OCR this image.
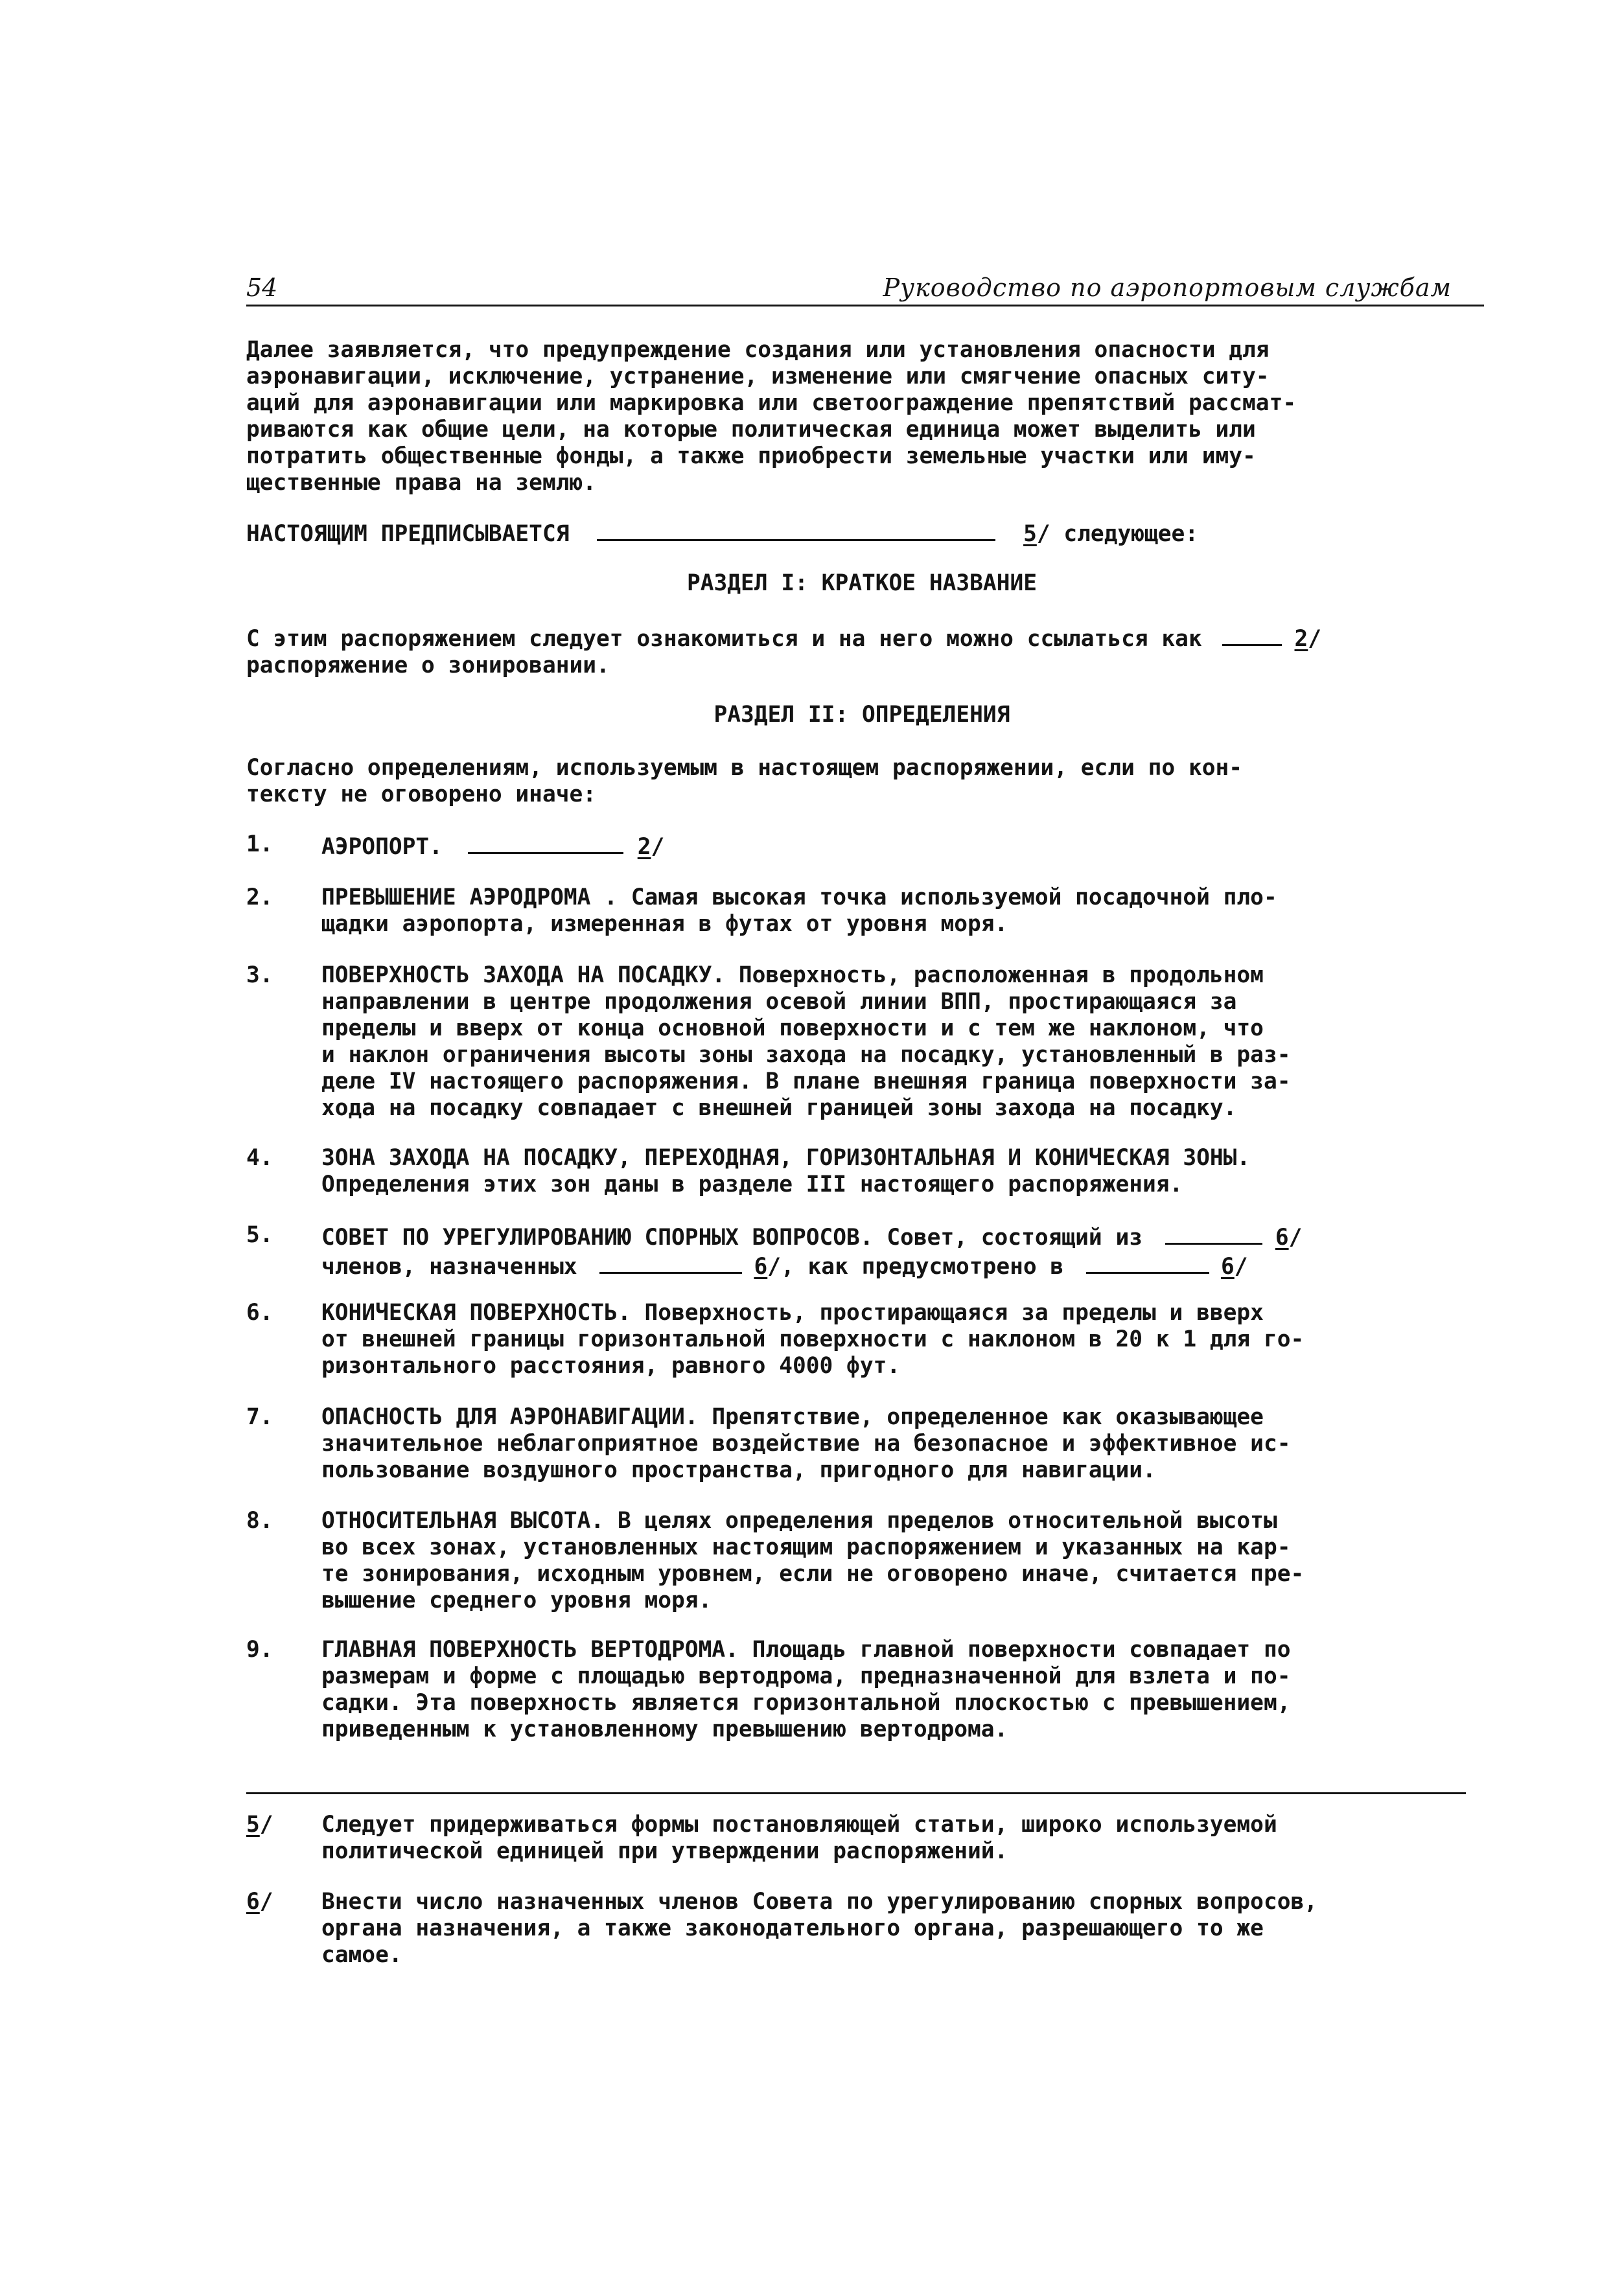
54	Руководство по аэропортовым службам
Далее заявляется, что предупреждение создания или установления опасности для
аэронавигации, исключение, устранение, изменение или смягчение опасных ситу-
аций для аэронавигации или маркировка или светоограждение препятствий рассмат-
риваются как общие цели, на которые политическая единица может выделить или
потратить общественные фонды, а также приобрести земельные участки или иму-
щественные права на землю.
НАСТОЯЩИМ ПРЕДПИСЫВАЕТСЯ	5/ следующее:
РАЗДЕЛ I: КРАТКОЕ НАЗВАНИЕ
С этим распоряжением следует ознакомиться и на него можно ссылаться как	2/
распоряжение о зонировании.
РАЗДЕЛ II: ОПРЕДЕЛЕНИЯ
Согласно определениям, используемым в настоящем распоряжении, если по кон-
тексту не оговорено иначе:
1.	АЭРОПОРТ.	2/
2.	ПРЕВЫШЕНИЕ АЭРОДРОМА . Самая высокая точка используемой посадочной пло-
щадки аэропорта, измеренная в футах от уровня моря.
3.	ПОВЕРХНОСТЬ ЗАХОДА НА ПОСАДКУ. Поверхность, расположенная в продольном
направлении в центре продолжения осевой линии ВПП, простирающаяся за
пределы и вверх от конца основной поверхности и с тем же наклоном, что
и наклон ограничения высоты зоны захода на посадку, установленный в раз-
деле IV настоящего распоряжения. В плане внешняя граница поверхности за-
хода на посадку совпадает с внешней границей зоны захода на посадку.
4.	ЗОНА ЗАХОДА НА ПОСАДКУ, ПЕРЕХОДНАЯ, ГОРИЗОНТАЛЬНАЯ И КОНИЧЕСКАЯ ЗОНЫ.
Определения этих зон даны в разделе III настоящего распоряжения.
5.	СОВЕТ ПО УРЕГУЛИРОВАНИЮ СПОРНЫХ ВОПРОСОВ. Совет, состоящий из	6/
членов, назначенных	6/, как предусмотрено в	6/
6.	КОНИЧЕСКАЯ ПОВЕРХНОСТЬ. Поверхность, простирающаяся за пределы и вверх
от внешней границы горизонтальной поверхности с наклоном в 20 к 1 для го-
ризонтального расстояния, равного 4000 фут.
7.	ОПАСНОСТЬ ДЛЯ АЭРОНАВИГАЦИИ. Препятствие, определенное как оказывающее
значительное неблагоприятное воздействие на безопасное и эффективное ис-
пользование воздушного пространства, пригодного для навигации.
8.	ОТНОСИТЕЛЬНАЯ ВЫСОТА. В целях определения пределов относительной высоты
во всех зонах, установленных настоящим распоряжением и указанных на кар-
те зонирования, исходным уровнем, если не оговорено иначе, считается пре-
вышение среднего уровня моря.
9.	ГЛАВНАЯ ПОВЕРХНОСТЬ ВЕРТОДРОМА. Площадь главной поверхности совпадает по
размерам и форме с площадью вертодрома, предназначенной для взлета и по-
садки. Эта поверхность является горизонтальной плоскостью с превышением,
приведенным к установленному превышению вертодрома.
5/	Следует придерживаться формы постановляющей статьи, широко используемой
политической единицей при утверждении распоряжений.
6/	Внести число назначенных членов Совета по урегулированию спорных вопросов,
органа назначения, а также законодательного органа, разрешающего то же
самое.
